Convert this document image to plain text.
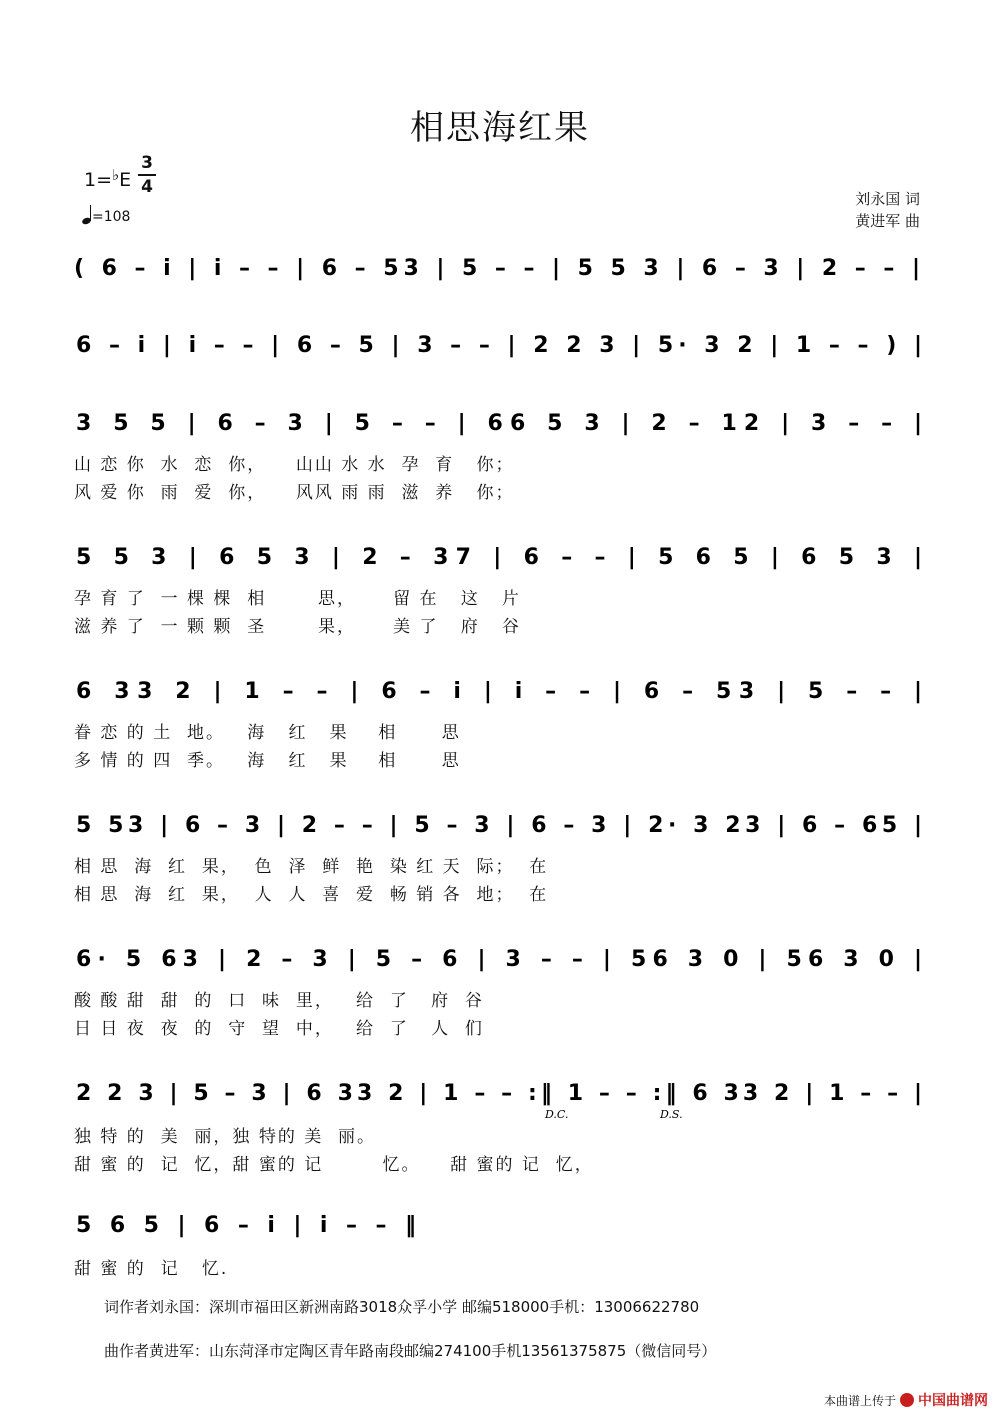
相思海红果
1=♭E
3
4
=108
刘永国 词
黄进军 曲
( 6 – i | i – – | 6 – 53 | 5 – – | 5 5 3 | 6 – 3 | 2 – – |
6 – i | i – – | 6 – 5 | 3 – – | 2 2 3 | 5· 3 2 | 1 – – ) |
3 5 5 | 6 – 3 | 5 – – | 66 5 3 | 2 – 12 | 3 – – |
5 5 3 | 6 5 3 | 2 – 37 | 6 – – | 5 6 5 | 6 5 3 |
6 33 2 | 1 – – | 6 – i | i – – | 6 – 53 | 5 – – |
5 53 | 6 – 3 | 2 – – | 5 – 3 | 6 – 3 | 2· 3 23 | 6 – 65 |
6· 5 63 | 2 – 3 | 5 – 6 | 3 – – | 56 3 0 | 56 3 0 |
2 2 3 | 5 – 3 | 6 33 2 | 1 – – :‖ 1 – – :‖ 6 33 2 | 1 – – |
D.C.	D.S.
5 6 5 | 6 – i | i – – ‖
山 恋 你  水  恋  你，    山山 水 水  孕  育   你；
风 爱 你  雨  爱  你，    风风 雨 雨  滋  养   你；
孕 育 了  一 棵 棵  相       思，     留 在   这   片
滋 养 了  一 颗 颗  圣       果，     美 了   府   谷
眷 恋 的 土  地。   海   红   果    相      思
多 情 的 四  季。   海   红   果    相      思
相 思  海  红  果，  色  泽  鲜  艳  染 红 天  际；  在
相 思  海  红  果，  人  人  喜  爱  畅 销 各  地；  在
酸 酸 甜  甜  的  口  味  里，   给  了   府  谷
日 日 夜  夜  的  守  望  中，   给  了   人  们
独 特 的  美  丽，独 特的 美  丽。
甜 蜜 的  记  忆，甜 蜜的 记        忆。    甜 蜜的 记  忆，
甜 蜜 的  记   忆.
词作者刘永国：深圳市福田区新洲南路3018众孚小学 邮编518000手机：13006622780
曲作者黄进军：山东菏泽市定陶区青年路南段邮编274100手机13561375875（微信同号）
本曲谱上传于 中国曲谱网
